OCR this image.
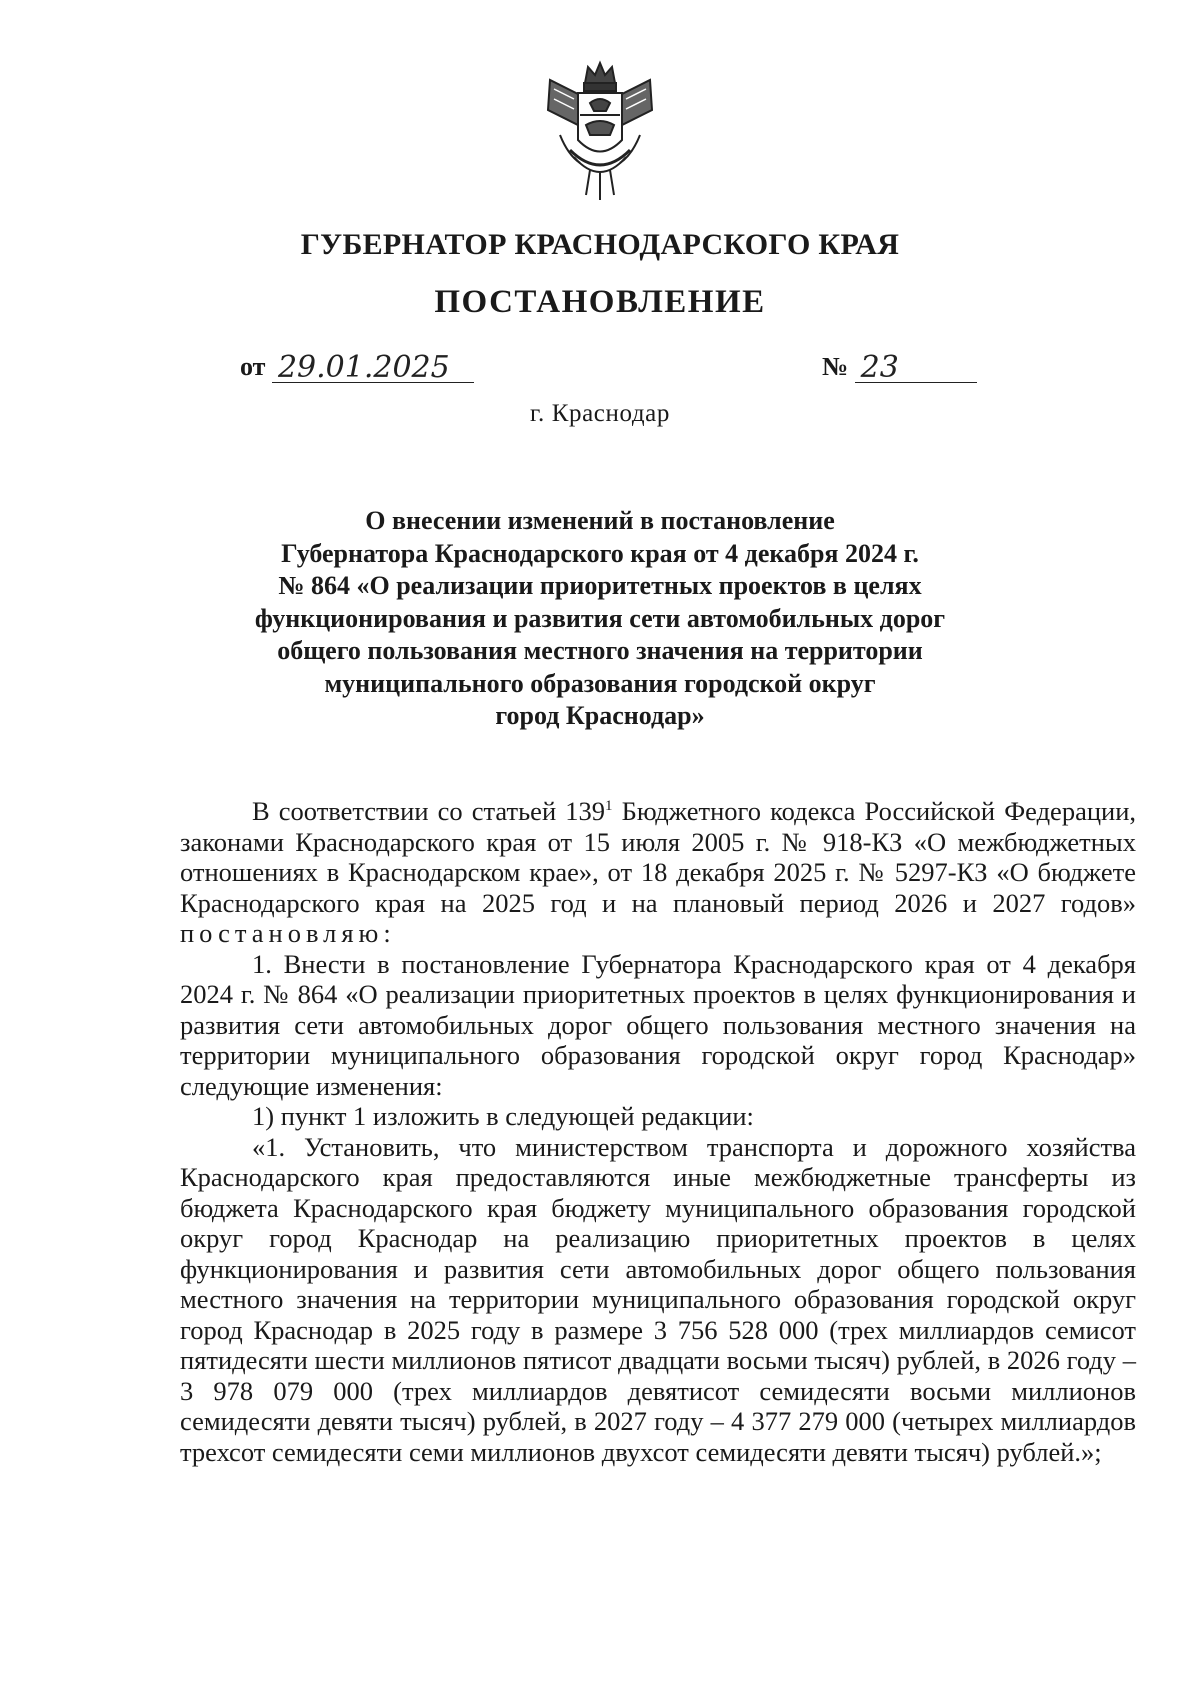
ГУБЕРНАТОР КРАСНОДАРСКОГО КРАЯ
ПОСТАНОВЛЕНИЕ
от 29.01.2025	№ 23
г. Краснодар
О внесении изменений в постановление
Губернатора Краснодарского края от 4 декабря 2024 г.
№ 864 «О реализации приоритетных проектов в целях
функционирования и развития сети автомобильных дорог
общего пользования местного значения на территории
муниципального образования городской округ
город Краснодар»

В соответствии со статьей $139^1$ Бюджетного кодекса Российской Федерации, законами Краснодарского края от 15 июля 2005 г. № 918-КЗ «О межбюджетных отношениях в Краснодарском крае», от 18 декабря 2025 г. № 5297-КЗ «О бюджете Краснодарского края на 2025 год и на плановый период 2026 и 2027 годов» постановляю:

1. Внести в постановление Губернатора Краснодарского края от 4 декабря 2024 г. № 864 «О реализации приоритетных проектов в целях функционирования и развития сети автомобильных дорог общего пользования местного значения на территории муниципального образования городской округ город Краснодар» следующие изменения:

1) пункт 1 изложить в следующей редакции:

«1. Установить, что министерством транспорта и дорожного хозяйства Краснодарского края предоставляются иные межбюджетные трансферты из бюджета Краснодарского края бюджету муниципального образования городской округ город Краснодар на реализацию приоритетных проектов в целях функционирования и развития сети автомобильных дорог общего пользования местного значения на территории муниципального образования городской округ город Краснодар в 2025 году в размере 3 756 528 000 (трех миллиардов семисот пятидесяти шести миллионов пятисот двадцати восьми тысяч) рублей, в 2026 году – 3 978 079 000 (трех миллиардов девятисот семидесяти восьми миллионов семидесяти девяти тысяч) рублей, в 2027 году – 4 377 279 000 (четырех миллиардов трехсот семидесяти семи миллионов двухсот семидесяти девяти тысяч) рублей.»;
